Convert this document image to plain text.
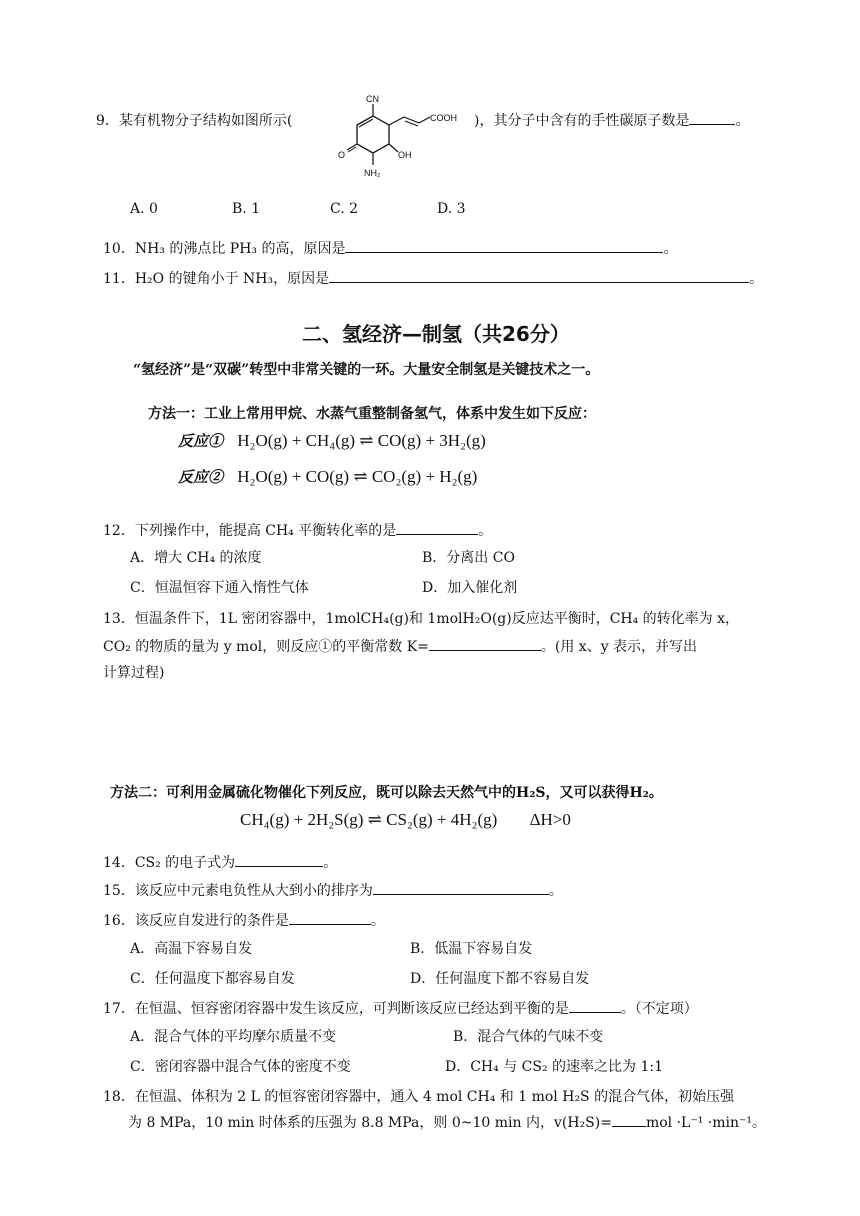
9．某有机物分子结构如图所示(
CN
COOH
OH
O
NH₂
)，其分子中含有的手性碳原子数是	。
A. 0	B. 1	C. 2	D. 3
10．NH₃ 的沸点比 PH₃ 的高，原因是	。
11．H₂O 的键角小于 NH₃，原因是	。
二、氢经济—制氢（共26分）
“氢经济”是“双碳”转型中非常关键的一环。大量安全制氢是关键技术之一。
方法一：工业上常用甲烷、水蒸气重整制备氢气，体系中发生如下反应：
反应① H₂O(g) + CH₄(g) ⇌ CO(g) + 3H₂(g)
反应② H₂O(g) + CO(g) ⇌ CO₂(g) + H₂(g)
12．下列操作中，能提高 CH₄ 平衡转化率的是	。
A．增大 CH₄ 的浓度	B．分离出 CO
C．恒温恒容下通入惰性气体	D．加入催化剂
13．恒温条件下，1L 密闭容器中，1molCH₄(g)和 1molH₂O(g)反应达平衡时，CH₄ 的转化率为 x，
CO₂ 的物质的量为 y mol，则反应①的平衡常数 K=	。(用 x、y 表示，并写出
计算过程)
方法二：可利用金属硫化物催化下列反应，既可以除去天然气中的H₂S，又可以获得H₂。
CH₄(g) + 2H₂S(g) ⇌ CS₂(g) + 4H₂(g) ΔH>0
14．CS₂ 的电子式为	。
15．该反应中元素电负性从大到小的排序为	。
16．该反应自发进行的条件是	。
A．高温下容易自发	B．低温下容易自发
C．任何温度下都容易自发	D．任何温度下都不容易自发
17．在恒温、恒容密闭容器中发生该反应，可判断该反应已经达到平衡的是	。（不定项）
A．混合气体的平均摩尔质量不变	B．混合气体的气味不变
C．密闭容器中混合气体的密度不变	D．CH₄ 与 CS₂ 的速率之比为 1:1
18．在恒温、体积为 2 L 的恒容密闭容器中，通入 4 mol CH₄ 和 1 mol H₂S 的混合气体，初始压强
为 8 MPa，10 min 时体系的压强为 8.8 MPa，则 0~10 min 内，v(H₂S)= mol ·L⁻¹ ·min⁻¹。
